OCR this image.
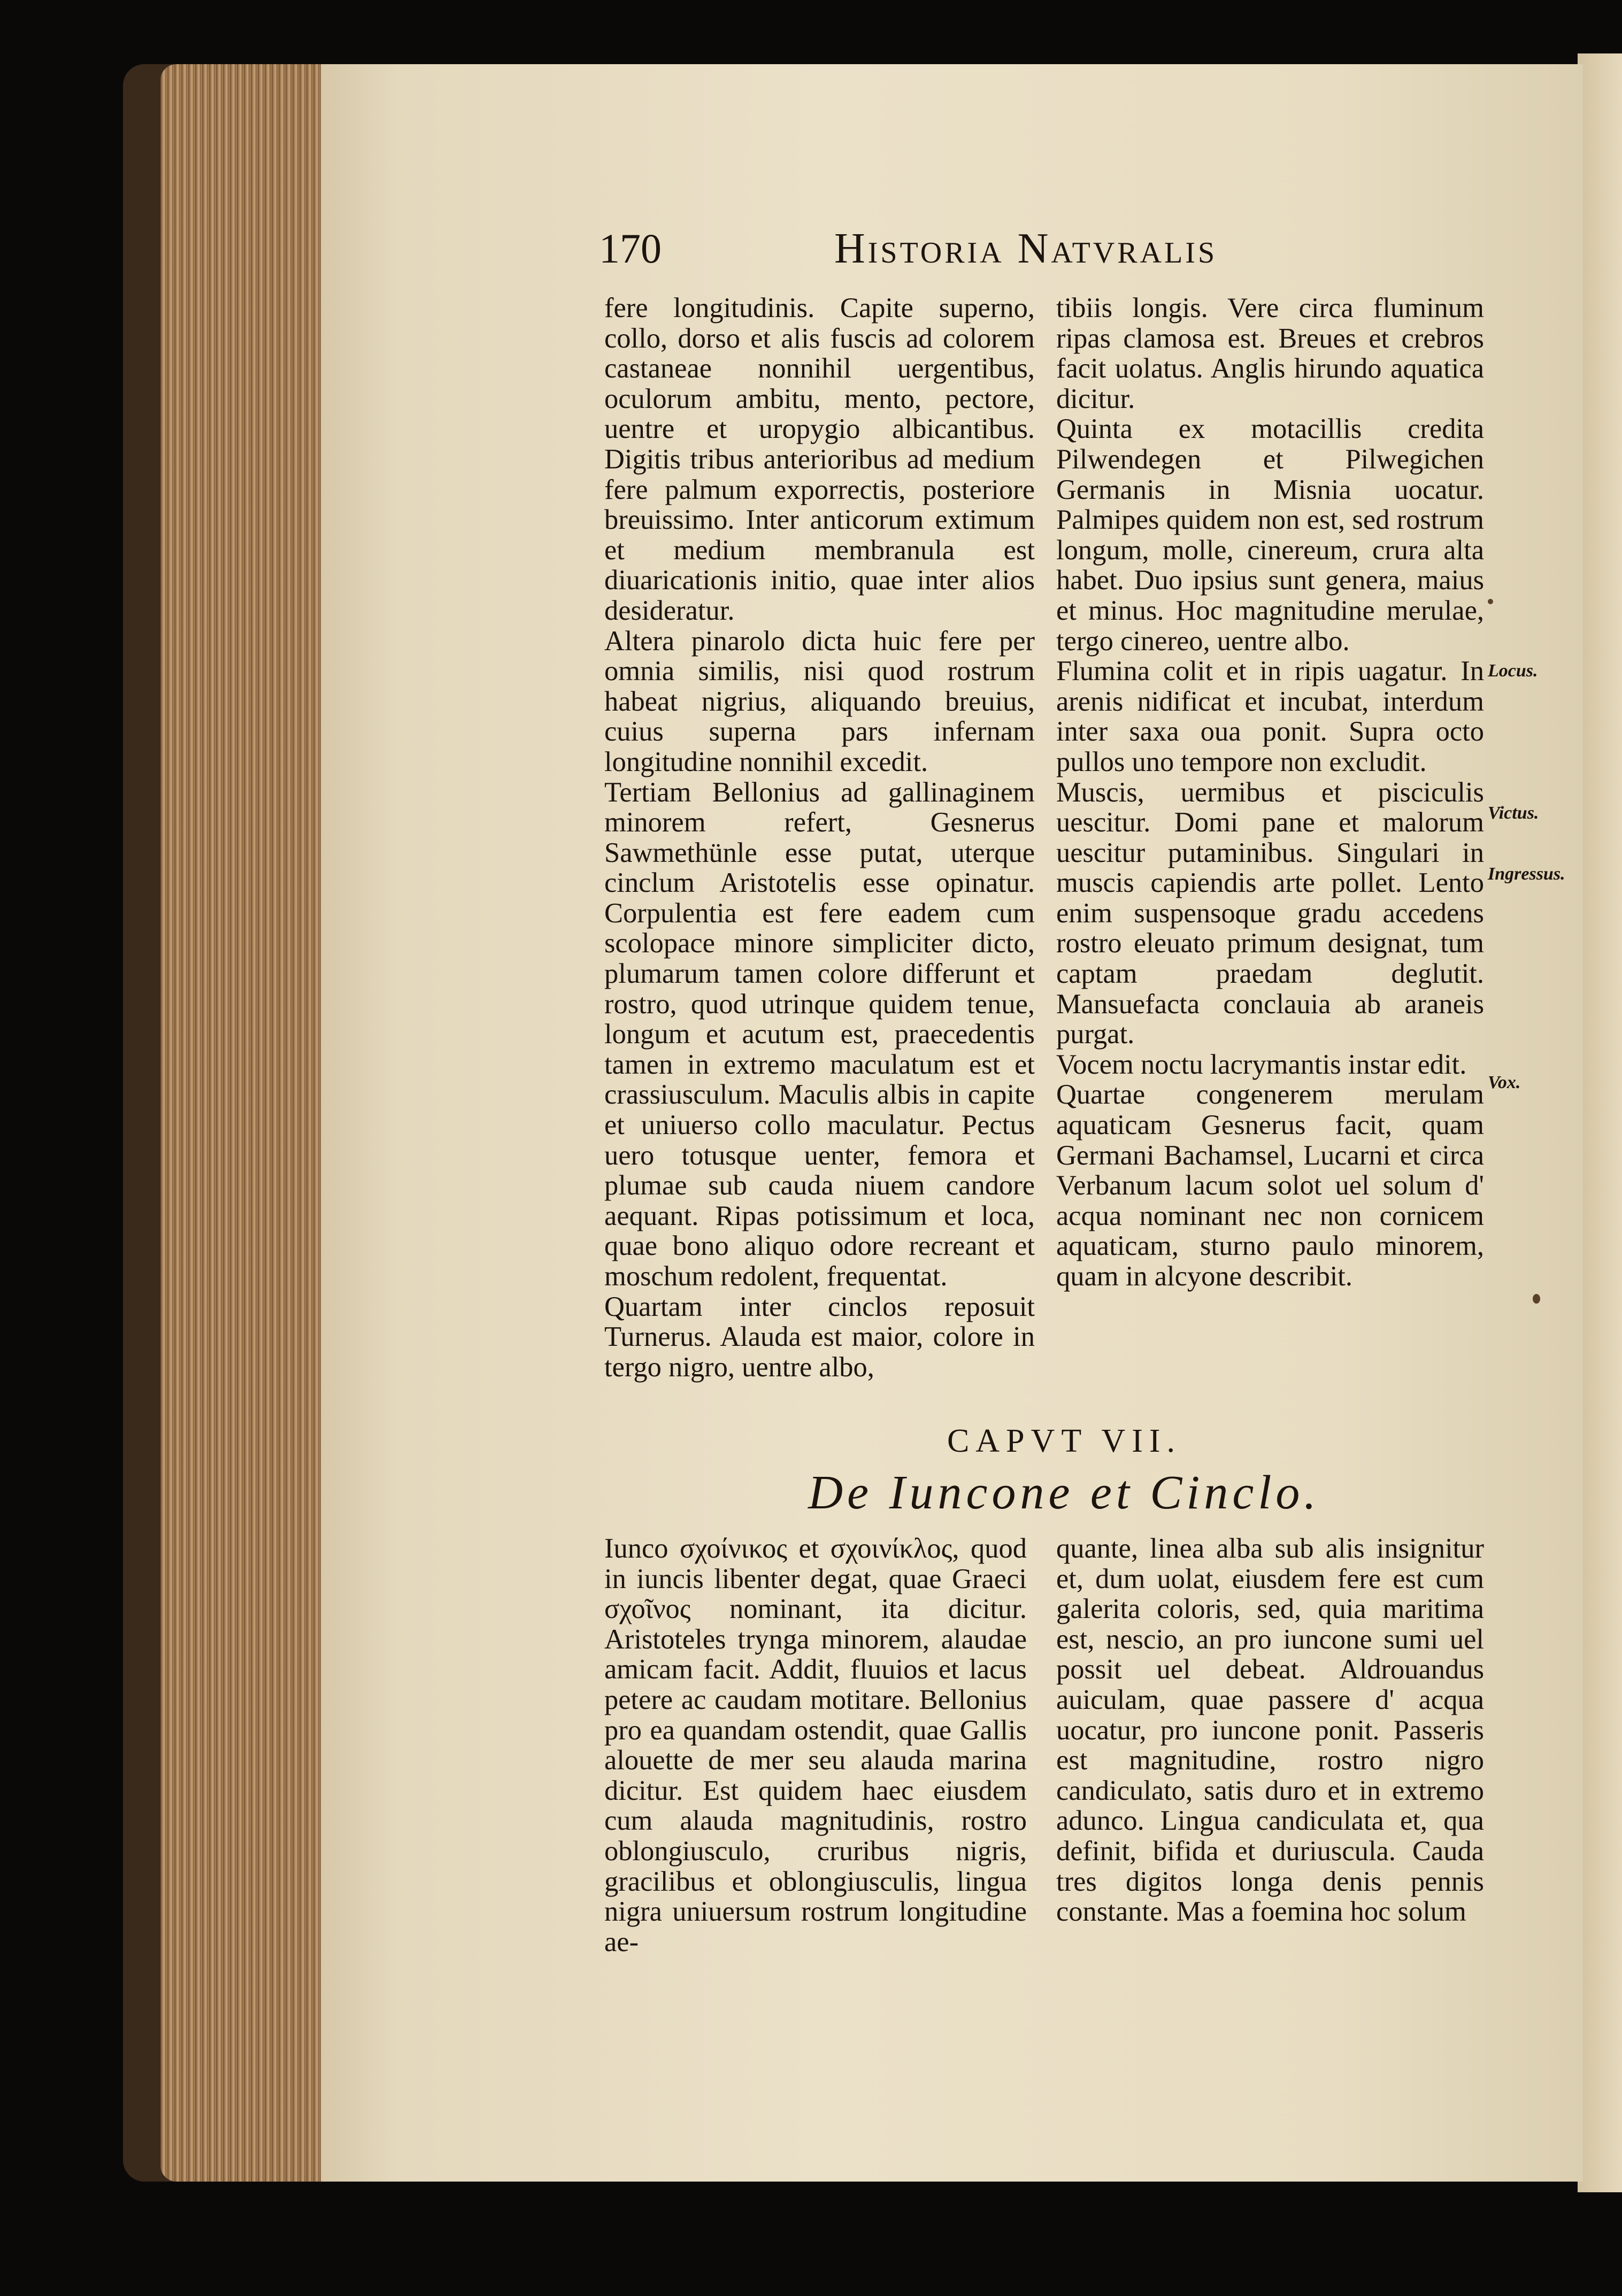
170	Historia Natvralis
fere longitudinis. Capite superno, collo, dorso et alis fuscis ad colorem castaneae nonnihil uergentibus, oculorum ambitu, mento, pectore, uentre et uropygio albicantibus. Digitis tribus anterioribus ad medium fere palmum exporrectis, posteriore breuissimo. Inter anticorum extimum et medium membranula est diuaricationis initio, quae inter alios desideratur.
Altera pinarolo dicta huic fere per omnia similis, nisi quod rostrum habeat nigrius, aliquando breuius, cuius superna pars infernam longitudine nonnihil excedit.
Tertiam Bellonius ad gallinaginem minorem refert, Gesnerus Sawmethünle esse putat, uterque cinclum Aristotelis esse opinatur. Corpulentia est fere eadem cum scolopace minore simpliciter dicto, plumarum tamen colore differunt et rostro, quod utrinque quidem tenue, longum et acutum est, praecedentis tamen in extremo maculatum est et crassiusculum. Maculis albis in capite et uniuerso collo maculatur. Pectus uero totusque uenter, femora et plumae sub cauda niuem candore aequant. Ripas potissimum et loca, quae bono aliquo odore recreant et moschum redolent, frequentat.
Quartam inter cinclos reposuit Turnerus. Alauda est maior, colore in tergo nigro, uentre albo,
tibiis longis. Vere circa fluminum ripas clamosa est. Breues et crebros facit uolatus. Anglis hirundo aquatica dicitur.
Quinta ex motacillis credita Pilwendegen et Pilwegichen Germanis in Misnia uocatur. Palmipes quidem non est, sed rostrum longum, molle, cinereum, crura alta habet. Duo ipsius sunt genera, maius et minus. Hoc magnitudine merulae, tergo cinereo, uentre albo.
Flumina colit et in ripis uagatur. In arenis nidificat et incubat, interdum inter saxa oua ponit. Supra octo pullos uno tempore non excludit.
Muscis, uermibus et pisciculis uescitur. Domi pane et malorum uescitur putaminibus. Singulari in muscis capiendis arte pollet. Lento enim suspensoque gradu accedens rostro eleuato primum designat, tum captam praedam deglutit. Mansuefacta conclauia ab araneis purgat.
Vocem noctu lacrymantis instar edit.
Quartae congenerem merulam aquaticam Gesnerus facit, quam Germani Bachamsel, Lucarni et circa Verbanum lacum solot uel solum d' acqua nominant nec non cornicem aquaticam, sturno paulo minorem, quam in alcyone describit.
Locus.
Victus.
Ingressus.
Vox.
CAPVT VII.
De Iuncone et Cinclo.
Iunco σχοίνικος et σχοινίκλος, quod in iuncis libenter degat, quae Graeci σχοῖνος nominant, ita dicitur. Aristoteles trynga minorem, alaudae amicam facit. Addit, fluuios et lacus petere ac caudam motitare. Bellonius pro ea quandam ostendit, quae Gallis alouette de mer seu alauda marina dicitur. Est quidem haec eiusdem cum alauda magnitudinis, rostro oblongiusculo, cruribus nigris, gracilibus et oblongiusculis, lingua nigra uniuersum rostrum longitudine ae-
quante, linea alba sub alis insignitur et, dum uolat, eiusdem fere est cum galerita coloris, sed, quia maritima est, nescio, an pro iuncone sumi uel possit uel debeat. Aldrouandus auiculam, quae passere d' acqua uocatur, pro iuncone ponit. Passeris est magnitudine, rostro nigro candiculato, satis duro et in extremo adunco. Lingua candiculata et, qua definit, bifida et duriuscula. Cauda tres digitos longa denis pennis constante. Mas a foemina hoc solum
